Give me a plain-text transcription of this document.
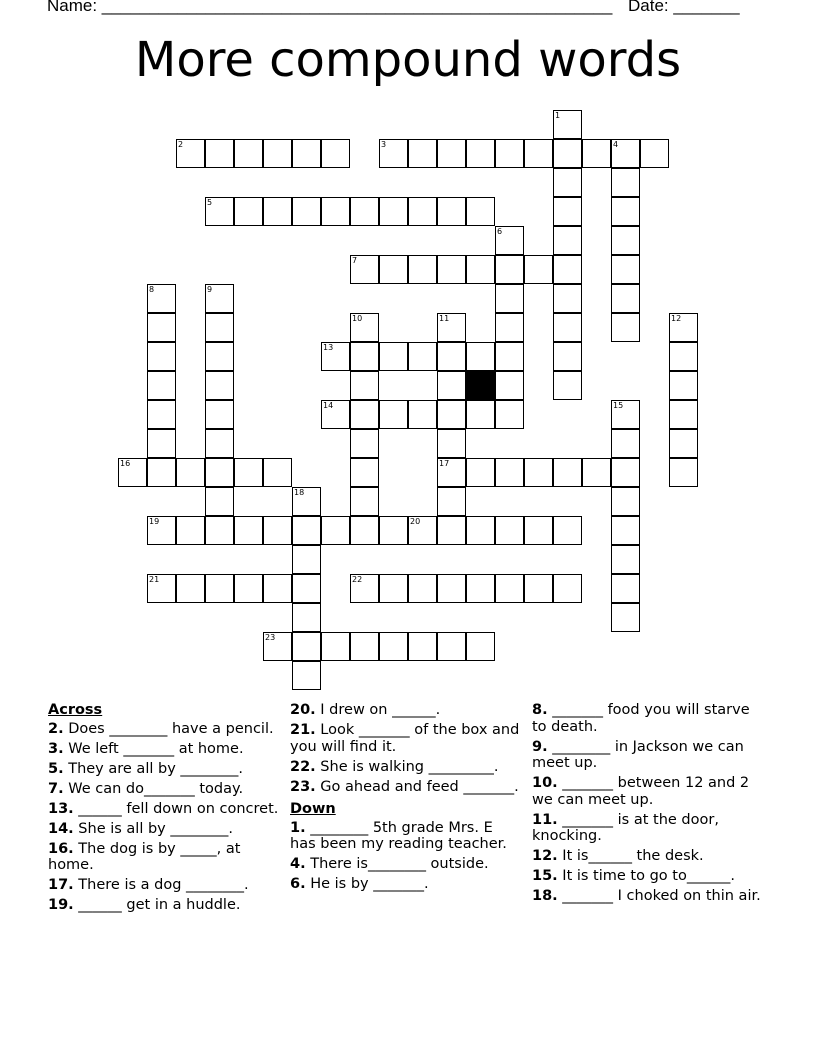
Name: ______________________________________________________ Date: _______
More compound words
1
2	3	4
5
6
7
8	9
10	11
17
12
13
14	15
16
18
19	20
21	22
23
Across
2. Does ________ have a pencil.
3. We left _______ at home.
5. They are all by ________.
7. We can do_______ today.
13. ______ fell down on concret.
14. She is all by ________.
16. The dog is by _____, at home.
17. There is a dog ________.
19. ______ get in a huddle.
20. I drew on ______.
21. Look _______ of the box and you will find it.
22. She is walking _________.
23. Go ahead and feed _______.
Down
1. ________ 5th grade Mrs. E has been my reading teacher.
4. There is________ outside.
6. He is by _______.
8. _______ food you will starve to death.
9. ________ in Jackson we can meet up.
10. _______ between 12 and 2 we can meet up.
11. _______ is at the door, knocking.
12. It is______ the desk.
15. It is time to go to______.
18. _______ I choked on thin air.
